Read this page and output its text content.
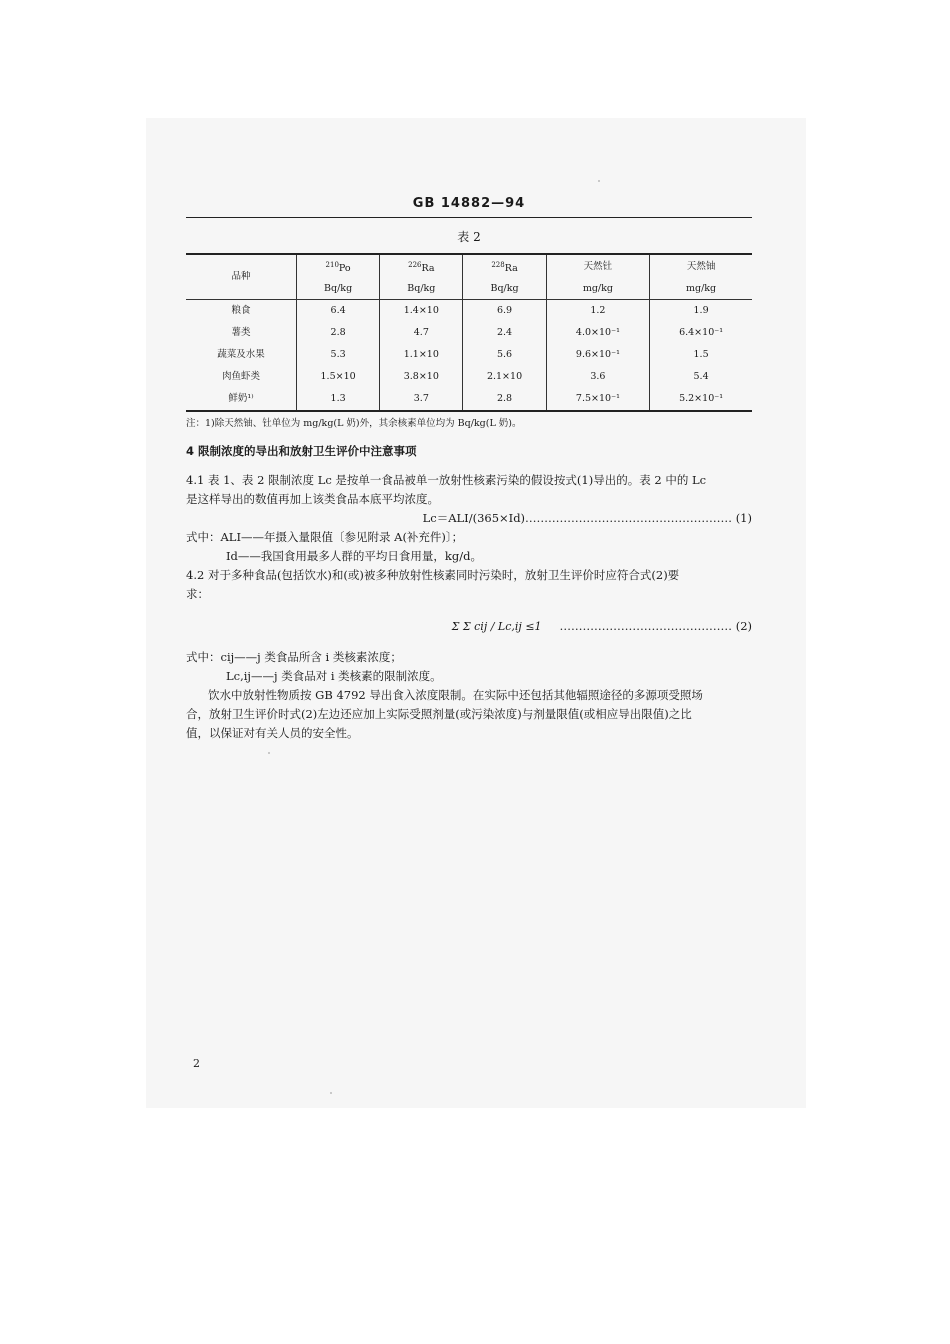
GB 14882—94
表 2
品种	$^{210}$Po	$^{226}$Ra	$^{228}$Ra	天然钍	天然铀
	Bq/kg	Bq/kg	Bq/kg	mg/kg	mg/kg
粮食	6.4	1.4×10	6.9	1.2	1.9
薯类	2.8	4.7	2.4	4.0×10⁻¹	6.4×10⁻¹
蔬菜及水果	5.3	1.1×10	5.6	9.6×10⁻¹	1.5
肉鱼虾类	1.5×10	3.8×10	2.1×10	3.6	5.4
鲜奶¹⁾	1.3	3.7	2.8	7.5×10⁻¹	5.2×10⁻¹
注：1)除天然铀、钍单位为 mg/kg(L 奶)外，其余核素单位均为 Bq/kg(L 奶)。
4 限制浓度的导出和放射卫生评价中注意事项

4.1 表 1、表 2 限制浓度 Lc 是按单一食品被单一放射性核素污染的假设按式(1)导出的。表 2 中的 Lc

是这样导出的数值再加上该类食品本底平均浓度。

Lc＝ALI/(365×Id)……………………………………………… (1)

式中：ALI——年摄入量限值〔参见附录 A(补充件)〕；

Id——我国食用最多人群的平均日食用量，kg/d。

4.2 对于多种食品(包括饮水)和(或)被多种放射性核素同时污染时，放射卫生评价时应符合式(2)要

求：

Σ Σ cij / Lc,ij ≤1 ……………………………………… (2)

式中：cij——j 类食品所含 i 类核素浓度；

Lc,ij——j 类食品对 i 类核素的限制浓度。

饮水中放射性物质按 GB 4792 导出食入浓度限制。在实际中还包括其他辐照途径的多源项受照场

合，放射卫生评价时式(2)左边还应加上实际受照剂量(或污染浓度)与剂量限值(或相应导出限值)之比

值，以保证对有关人员的安全性。

2
